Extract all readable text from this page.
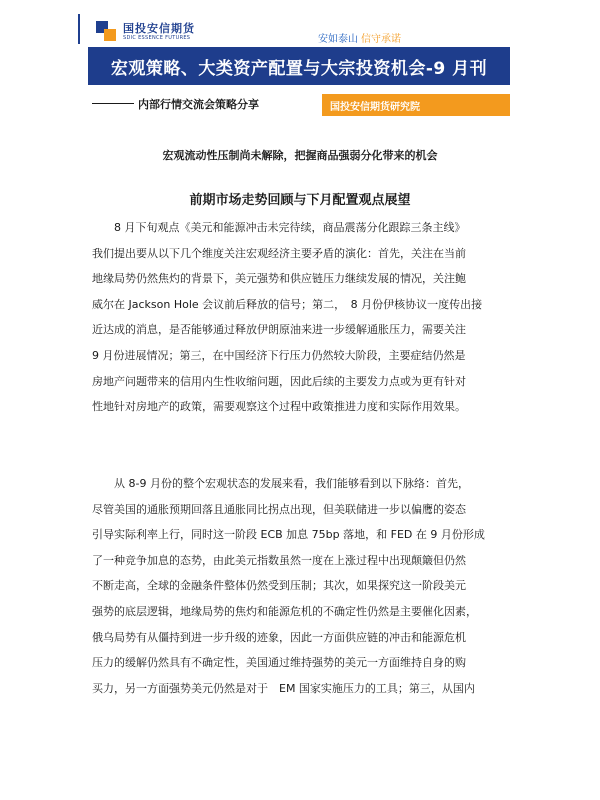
国投安信期货
SDIC ESSENCE FUTURES	安如泰山 信守承诺
宏观策略、大类资产配置与大宗投资机会-9 月刊
内部行情交流会策略分享	国投安信期货研究院
宏观流动性压制尚未解除，把握商品强弱分化带来的机会
前期市场走势回顾与下月配置观点展望
　　8 月下旬观点《美元和能源冲击未完待续，商品震荡分化跟踪三条主线》
我们提出要从以下几个维度关注宏观经济主要矛盾的演化：首先，关注在当前
地缘局势仍然焦灼的背景下，美元强势和供应链压力继续发展的情况，关注鲍
威尔在 Jackson Hole 会议前后释放的信号；第二，　8 月份伊核协议一度传出接
近达成的消息，是否能够通过释放伊朗原油来进一步缓解通胀压力，需要关注
9 月份进展情况；第三，在中国经济下行压力仍然较大阶段，主要症结仍然是
房地产问题带来的信用内生性收缩问题，因此后续的主要发力点或为更有针对
性地针对房地产的政策，需要观察这个过程中政策推进力度和实际作用效果。
　　从 8-9 月份的整个宏观状态的发展来看，我们能够看到以下脉络：首先，
尽管美国的通胀预期回落且通胀同比拐点出现，但美联储进一步以偏鹰的姿态
引导实际利率上行，同时这一阶段 ECB 加息 75bp 落地，和 FED 在 9 月份形成
了一种竞争加息的态势，由此美元指数虽然一度在上涨过程中出现颠簸但仍然
不断走高，全球的金融条件整体仍然受到压制；其次，如果探究这一阶段美元
强势的底层逻辑，地缘局势的焦灼和能源危机的不确定性仍然是主要催化因素，
俄乌局势有从僵持到进一步升级的迹象，因此一方面供应链的冲击和能源危机
压力的缓解仍然具有不确定性，美国通过维持强势的美元一方面维持自身的购
买力，另一方面强势美元仍然是对于　EM 国家实施压力的工具；第三，从国内
